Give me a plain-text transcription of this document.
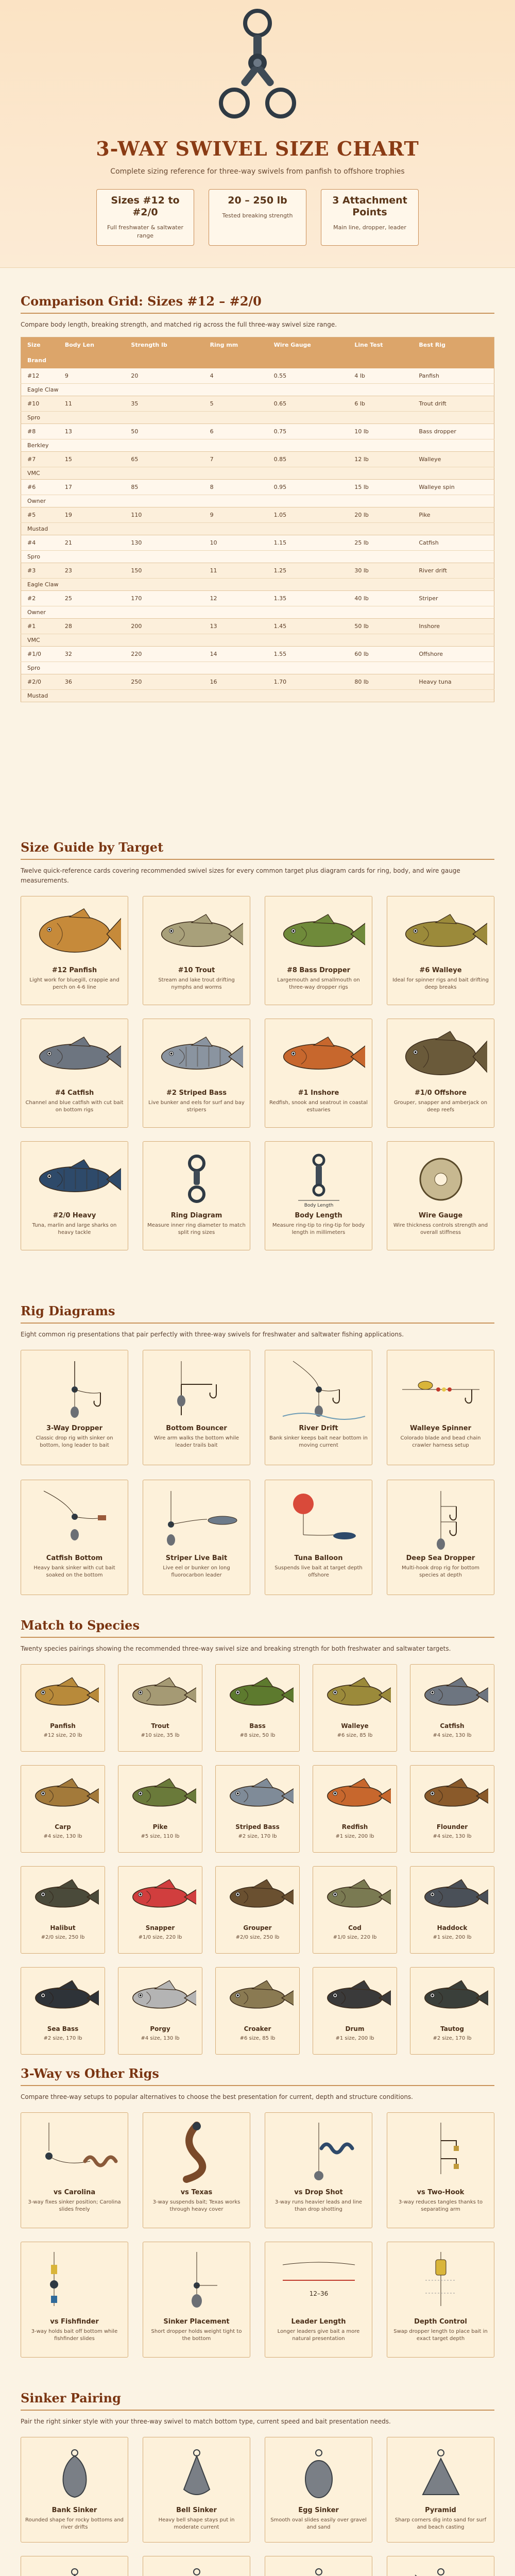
3-WAY SWIVEL SIZE CHART

Complete sizing reference for three-way swivels from panfish to offshore trophies

Sizes #12 to #2/0
Full freshwater & saltwater range
20 – 250 lb
Tested breaking strength
3 Attachment Points
Main line, dropper, leader
Comparison Grid: Sizes #12 – #2/0

Compare body length, breaking strength, and matched rig across the full three-way swivel size range.

Size	Body Len	Strength lb	Ring mm	Wire Gauge	Line Test	Best Rig
Brand						
#12	9	20	4	0.55	4 lb	Panfish
Eagle Claw						
#10	11	35	5	0.65	6 lb	Trout drift
Spro						
#8	13	50	6	0.75	10 lb	Bass dropper
Berkley						
#7	15	65	7	0.85	12 lb	Walleye
VMC						
#6	17	85	8	0.95	15 lb	Walleye spin
Owner						
#5	19	110	9	1.05	20 lb	Pike
Mustad						
#4	21	130	10	1.15	25 lb	Catfish
Spro						
#3	23	150	11	1.25	30 lb	River drift
Eagle Claw						
#2	25	170	12	1.35	40 lb	Striper
Owner						
#1	28	200	13	1.45	50 lb	Inshore
VMC						
#1/0	32	220	14	1.55	60 lb	Offshore
Spro						
#2/0	36	250	16	1.70	80 lb	Heavy tuna
Mustad						
Size Guide by Target

Twelve quick-reference cards covering recommended swivel sizes for every common target plus diagram cards for ring, body, and wire gauge measurements.

#12 Panfish
Light work for bluegill, crappie and perch on 4-6 line
#10 Trout
Stream and lake trout drifting nymphs and worms
#8 Bass Dropper
Largemouth and smallmouth on three-way dropper rigs
#6 Walleye
Ideal for spinner rigs and bait drifting deep breaks
#4 Catfish
Channel and blue catfish with cut bait on bottom rigs
#2 Striped Bass
Live bunker and eels for surf and bay stripers
#1 Inshore
Redfish, snook and seatrout in coastal estuaries
#1/0 Offshore
Grouper, snapper and amberjack on deep reefs
#2/0 Heavy
Tuna, marlin and large sharks on heavy tackle
Ring Diagram
Measure inner ring diameter to match split ring sizes
Body Length
Body Length
Measure ring-tip to ring-tip for body length in millimeters
Wire Gauge
Wire thickness controls strength and overall stiffness
Rig Diagrams

Eight common rig presentations that pair perfectly with three-way swivels for freshwater and saltwater fishing applications.

3-Way Dropper
Classic drop rig with sinker on bottom, long leader to bait
Bottom Bouncer
Wire arm walks the bottom while leader trails bait
River Drift
Bank sinker keeps bait near bottom in moving current
Walleye Spinner
Colorado blade and bead chain crawler harness setup
Catfish Bottom
Heavy bank sinker with cut bait soaked on the bottom
Striper Live Bait
Live eel or bunker on long fluorocarbon leader
Tuna Balloon
Suspends live bait at target depth offshore
Deep Sea Dropper
Multi-hook drop rig for bottom species at depth
Match to Species

Twenty species pairings showing the recommended three-way swivel size and breaking strength for both freshwater and saltwater targets.

Panfish
#12 size, 20 lb
Trout
#10 size, 35 lb
Bass
#8 size, 50 lb
Walleye
#6 size, 85 lb
Catfish
#4 size, 130 lb
Carp
#4 size, 130 lb
Pike
#5 size, 110 lb
Striped Bass
#2 size, 170 lb
Redfish
#1 size, 200 lb
Flounder
#4 size, 130 lb
Halibut
#2/0 size, 250 lb
Snapper
#1/0 size, 220 lb
Grouper
#2/0 size, 250 lb
Cod
#1/0 size, 220 lb
Haddock
#1 size, 200 lb
Sea Bass
#2 size, 170 lb
Porgy
#4 size, 130 lb
Croaker
#6 size, 85 lb
Drum
#1 size, 200 lb
Tautog
#2 size, 170 lb
3-Way vs Other Rigs

Compare three-way setups to popular alternatives to choose the best presentation for current, depth and structure conditions.

vs Carolina
3-way fixes sinker position; Carolina slides freely
vs Texas
3-way suspends bait; Texas works through heavy cover
vs Drop Shot
3-way runs heavier leads and line than drop shotting
vs Two-Hook
3-way reduces tangles thanks to separating arm
vs Fishfinder
3-way holds bait off bottom while fishfinder slides
Sinker Placement
Short dropper holds weight tight to the bottom
12–36
Leader Length
Longer leaders give bait a more natural presentation
Depth Control
Swap dropper length to place bait in exact target depth
Sinker Pairing

Pair the right sinker style with your three-way swivel to match bottom type, current speed and bait presentation needs.

Bank Sinker
Rounded shape for rocky bottoms and river drifts
Bell Sinker
Heavy bell shape stays put in moderate current
Egg Sinker
Smooth oval slides easily over gravel and sand
Pyramid
Sharp corners dig into sand for surf and beach casting
